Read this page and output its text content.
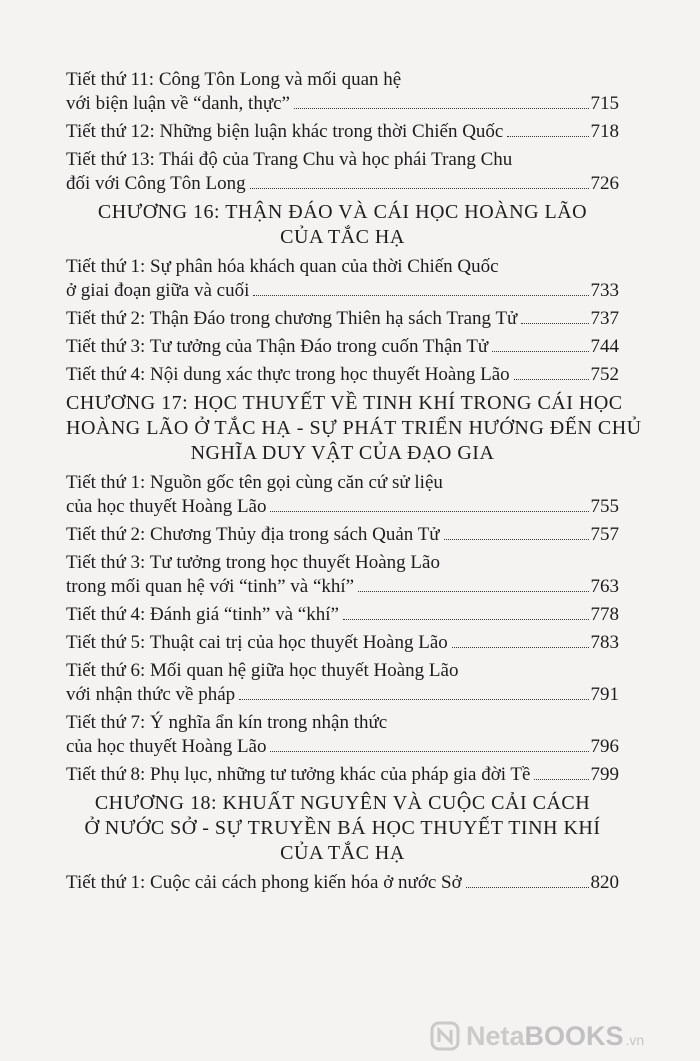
Tiết thứ 11: Công Tôn Long và mối quan hệ
với biện luận về “danh, thực”	715
Tiết thứ 12: Những biện luận khác trong thời Chiến Quốc	718
Tiết thứ 13: Thái độ của Trang Chu và học phái Trang Chu
đối với Công Tôn Long	726
CHƯƠNG 16: THẬN ĐÁO VÀ CÁI HỌC HOÀNG LÃO
CỦA TẮC HẠ
Tiết thứ 1: Sự phân hóa khách quan của thời Chiến Quốc
ở giai đoạn giữa và cuối	733
Tiết thứ 2: Thận Đáo trong chương Thiên hạ sách Trang Tử	737
Tiết thứ 3: Tư tưởng của Thận Đáo trong cuốn Thận Tử	744
Tiết thứ 4: Nội dung xác thực trong học thuyết Hoàng Lão	752
CHƯƠNG 17: HỌC THUYẾT VỀ TINH KHÍ TRONG CÁI HỌC
HOÀNG LÃO Ở TẮC HẠ - SỰ PHÁT TRIỂN HƯỚNG ĐẾN CHỦ
NGHĨA DUY VẬT CỦA ĐẠO GIA
Tiết thứ 1: Nguồn gốc tên gọi cùng căn cứ sử liệu
của học thuyết Hoàng Lão	755
Tiết thứ 2: Chương Thủy địa trong sách Quản Tử	757
Tiết thứ 3: Tư tưởng trong học thuyết Hoàng Lão
trong mối quan hệ với “tinh” và “khí”	763
Tiết thứ 4: Đánh giá “tinh” và “khí”	778
Tiết thứ 5: Thuật cai trị của học thuyết Hoàng Lão	783
Tiết thứ 6: Mối quan hệ giữa học thuyết Hoàng Lão
với nhận thức về pháp	791
Tiết thứ 7: Ý nghĩa ẩn kín trong nhận thức
của học thuyết Hoàng Lão	796
Tiết thứ 8: Phụ lục, những tư tưởng khác của pháp gia đời Tề	799
CHƯƠNG 18: KHUẤT NGUYÊN VÀ CUỘC CẢI CÁCH
Ở NƯỚC SỞ - SỰ TRUYỀN BÁ HỌC THUYẾT TINH KHÍ
CỦA TẮC HẠ
Tiết thứ 1: Cuộc cải cách phong kiến hóa ở nước Sở	820
NetaBOOKS .vn
